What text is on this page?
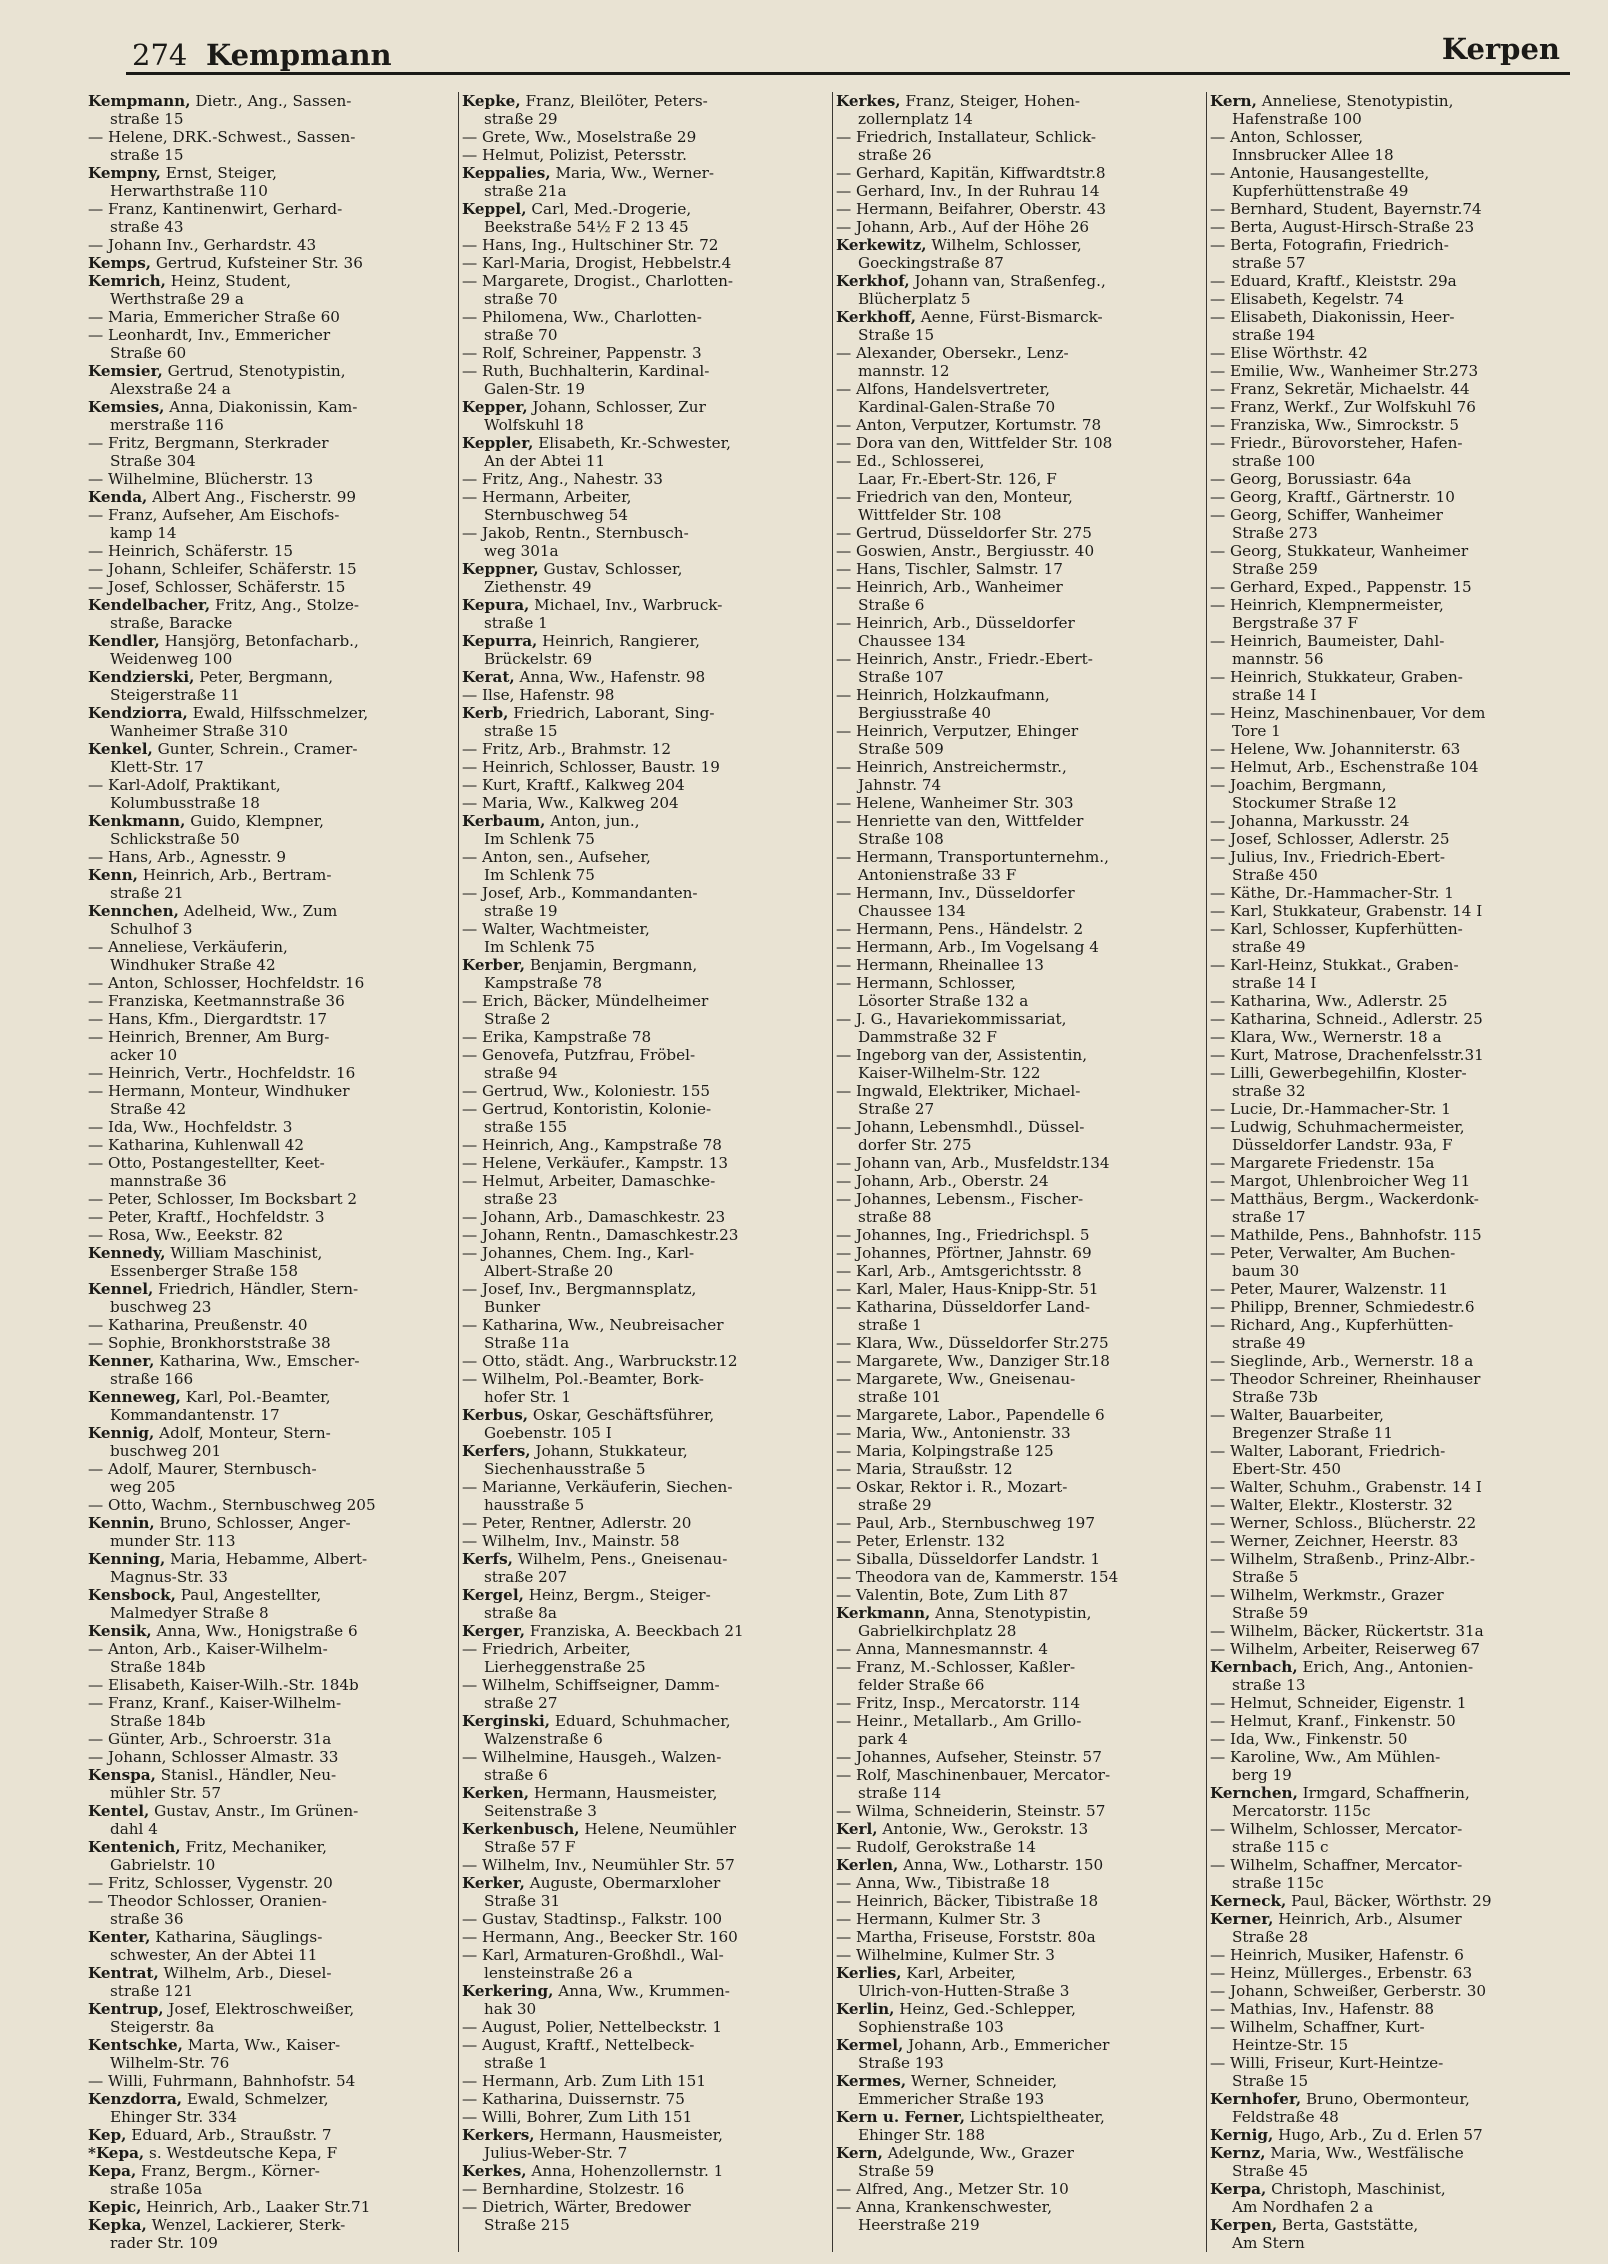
274 Kempmann	Kerpen

Kempmann, Dietr., Ang., Sassen-
straße 15

— Helene, DRK.-Schwest., Sassen-
straße 15

Kempny, Ernst, Steiger,
Herwarthstraße 110

— Franz, Kantinenwirt, Gerhard-
straße 43

— Johann Inv., Gerhardstr. 43

Kemps, Gertrud, Kufsteiner Str. 36

Kemrich, Heinz, Student,
Werthstraße 29 a

— Maria, Emmericher Straße 60

— Leonhardt, Inv., Emmericher
Straße 60

Kemsier, Gertrud, Stenotypistin,
Alexstraße 24 a

Kemsies, Anna, Diakonissin, Kam-
merstraße 116

— Fritz, Bergmann, Sterkrader
Straße 304

— Wilhelmine, Blücherstr. 13

Kenda, Albert Ang., Fischerstr. 99

— Franz, Aufseher, Am Eischofs-
kamp 14

— Heinrich, Schäferstr. 15

— Johann, Schleifer, Schäferstr. 15

— Josef, Schlosser, Schäferstr. 15

Kendelbacher, Fritz, Ang., Stolze-
straße, Baracke

Kendler, Hansjörg, Betonfacharb.,
Weidenweg 100

Kendzierski, Peter, Bergmann,
Steigerstraße 11

Kendziorra, Ewald, Hilfsschmelzer,
Wanheimer Straße 310

Kenkel, Gunter, Schrein., Cramer-
Klett-Str. 17

— Karl-Adolf, Praktikant,
Kolumbusstraße 18

Kenkmann, Guido, Klempner,
Schlickstraße 50

— Hans, Arb., Agnesstr. 9

Kenn, Heinrich, Arb., Bertram-
straße 21

Kennchen, Adelheid, Ww., Zum
Schulhof 3

— Anneliese, Verkäuferin,
Windhuker Straße 42

— Anton, Schlosser, Hochfeldstr. 16

— Franziska, Keetmannstraße 36

— Hans, Kfm., Diergardtstr. 17

— Heinrich, Brenner, Am Burg-
acker 10

— Heinrich, Vertr., Hochfeldstr. 16

— Hermann, Monteur, Windhuker
Straße 42

— Ida, Ww., Hochfeldstr. 3

— Katharina, Kuhlenwall 42

— Otto, Postangestellter, Keet-
mannstraße 36

— Peter, Schlosser, Im Bocksbart 2

— Peter, Kraftf., Hochfeldstr. 3

— Rosa, Ww., Eeekstr. 82

Kennedy, William Maschinist,
Essenberger Straße 158

Kennel, Friedrich, Händler, Stern-
buschweg 23

— Katharina, Preußenstr. 40

— Sophie, Bronkhorststraße 38

Kenner, Katharina, Ww., Emscher-
straße 166

Kenneweg, Karl, Pol.-Beamter,
Kommandantenstr. 17

Kennig, Adolf, Monteur, Stern-
buschweg 201

— Adolf, Maurer, Sternbusch-
weg 205

— Otto, Wachm., Sternbuschweg 205

Kennin, Bruno, Schlosser, Anger-
munder Str. 113

Kenning, Maria, Hebamme, Albert-
Magnus-Str. 33

Kensbock, Paul, Angestellter,
Malmedyer Straße 8

Kensik, Anna, Ww., Honigstraße 6

— Anton, Arb., Kaiser-Wilhelm-
Straße 184b

— Elisabeth, Kaiser-Wilh.-Str. 184b

— Franz, Kranf., Kaiser-Wilhelm-
Straße 184b

— Günter, Arb., Schroerstr. 31a

— Johann, Schlosser Almastr. 33

Kenspa, Stanisl., Händler, Neu-
mühler Str. 57

Kentel, Gustav, Anstr., Im Grünen-
dahl 4

Kentenich, Fritz, Mechaniker,
Gabrielstr. 10

— Fritz, Schlosser, Vygenstr. 20

— Theodor Schlosser, Oranien-
straße 36

Kenter, Katharina, Säuglings-
schwester, An der Abtei 11

Kentrat, Wilhelm, Arb., Diesel-
straße 121

Kentrup, Josef, Elektroschweißer,
Steigerstr. 8a

Kentschke, Marta, Ww., Kaiser-
Wilhelm-Str. 76

— Willi, Fuhrmann, Bahnhofstr. 54

Kenzdorra, Ewald, Schmelzer,
Ehinger Str. 334

Kep, Eduard, Arb., Straußstr. 7

*Kepa, s. Westdeutsche Kepa, F

Kepa, Franz, Bergm., Körner-
straße 105a

Kepic, Heinrich, Arb., Laaker Str.71

Kepka, Wenzel, Lackierer, Sterk-
rader Str. 109

Kepke, Franz, Bleilöter, Peters-
straße 29

— Grete, Ww., Moselstraße 29

— Helmut, Polizist, Petersstr.

Keppalies, Maria, Ww., Werner-
straße 21a

Keppel, Carl, Med.-Drogerie,
Beekstraße 54½ F 2 13 45

— Hans, Ing., Hultschiner Str. 72

— Karl-Maria, Drogist, Hebbelstr.4

— Margarete, Drogist., Charlotten-
straße 70

— Philomena, Ww., Charlotten-
straße 70

— Rolf, Schreiner, Pappenstr. 3

— Ruth, Buchhalterin, Kardinal-
Galen-Str. 19

Kepper, Johann, Schlosser, Zur
Wolfskuhl 18

Keppler, Elisabeth, Kr.-Schwester,
An der Abtei 11

— Fritz, Ang., Nahestr. 33

— Hermann, Arbeiter,
Sternbuschweg 54

— Jakob, Rentn., Sternbusch-
weg 301a

Keppner, Gustav, Schlosser,
Ziethenstr. 49

Kepura, Michael, Inv., Warbruck-
straße 1

Kepurra, Heinrich, Rangierer,
Brückelstr. 69

Kerat, Anna, Ww., Hafenstr. 98

— Ilse, Hafenstr. 98

Kerb, Friedrich, Laborant, Sing-
straße 15

— Fritz, Arb., Brahmstr. 12

— Heinrich, Schlosser, Baustr. 19

— Kurt, Kraftf., Kalkweg 204

— Maria, Ww., Kalkweg 204

Kerbaum, Anton, jun.,
Im Schlenk 75

— Anton, sen., Aufseher,
Im Schlenk 75

— Josef, Arb., Kommandanten-
straße 19

— Walter, Wachtmeister,
Im Schlenk 75

Kerber, Benjamin, Bergmann,
Kampstraße 78

— Erich, Bäcker, Mündelheimer
Straße 2

— Erika, Kampstraße 78

— Genovefa, Putzfrau, Fröbel-
straße 94

— Gertrud, Ww., Koloniestr. 155

— Gertrud, Kontoristin, Kolonie-
straße 155

— Heinrich, Ang., Kampstraße 78

— Helene, Verkäufer., Kampstr. 13

— Helmut, Arbeiter, Damaschke-
straße 23

— Johann, Arb., Damaschkestr. 23

— Johann, Rentn., Damaschkestr.23

— Johannes, Chem. Ing., Karl-
Albert-Straße 20

— Josef, Inv., Bergmannsplatz,
Bunker

— Katharina, Ww., Neubreisacher
Straße 11a

— Otto, städt. Ang., Warbruckstr.12

— Wilhelm, Pol.-Beamter, Bork-
hofer Str. 1

Kerbus, Oskar, Geschäftsführer,
Goebenstr. 105 I

Kerfers, Johann, Stukkateur,
Siechenhausstraße 5

— Marianne, Verkäuferin, Siechen-
hausstraße 5

— Peter, Rentner, Adlerstr. 20

— Wilhelm, Inv., Mainstr. 58

Kerfs, Wilhelm, Pens., Gneisenau-
straße 207

Kergel, Heinz, Bergm., Steiger-
straße 8a

Kerger, Franziska, A. Beeckbach 21

— Friedrich, Arbeiter,
Lierheggenstraße 25

— Wilhelm, Schiffseigner, Damm-
straße 27

Kerginski, Eduard, Schuhmacher,
Walzenstraße 6

— Wilhelmine, Hausgeh., Walzen-
straße 6

Kerken, Hermann, Hausmeister,
Seitenstraße 3

Kerkenbusch, Helene, Neumühler
Straße 57 F

— Wilhelm, Inv., Neumühler Str. 57

Kerker, Auguste, Obermarxloher
Straße 31

— Gustav, Stadtinsp., Falkstr. 100

— Hermann, Ang., Beecker Str. 160

— Karl, Armaturen-Großhdl., Wal-
lensteinstraße 26 a

Kerkering, Anna, Ww., Krummen-
hak 30

— August, Polier, Nettelbeckstr. 1

— August, Kraftf., Nettelbeck-
straße 1

— Hermann, Arb. Zum Lith 151

— Katharina, Duissernstr. 75

— Willi, Bohrer, Zum Lith 151

Kerkers, Hermann, Hausmeister,
Julius-Weber-Str. 7

Kerkes, Anna, Hohenzollernstr. 1

— Bernhardine, Stolzestr. 16

— Dietrich, Wärter, Bredower
Straße 215

Kerkes, Franz, Steiger, Hohen-
zollernplatz 14

— Friedrich, Installateur, Schlick-
straße 26

— Gerhard, Kapitän, Kiffwardtstr.8

— Gerhard, Inv., In der Ruhrau 14

— Hermann, Beifahrer, Oberstr. 43

— Johann, Arb., Auf der Höhe 26

Kerkewitz, Wilhelm, Schlosser,
Goeckingstraße 87

Kerkhof, Johann van, Straßenfeg.,
Blücherplatz 5

Kerkhoff, Aenne, Fürst-Bismarck-
Straße 15

— Alexander, Obersekr., Lenz-
mannstr. 12

— Alfons, Handelsvertreter,
Kardinal-Galen-Straße 70

— Anton, Verputzer, Kortumstr. 78

— Dora van den, Wittfelder Str. 108

— Ed., Schlosserei,
Laar, Fr.-Ebert-Str. 126, F

— Friedrich van den, Monteur,
Wittfelder Str. 108

— Gertrud, Düsseldorfer Str. 275

— Goswien, Anstr., Bergiusstr. 40

— Hans, Tischler, Salmstr. 17

— Heinrich, Arb., Wanheimer
Straße 6

— Heinrich, Arb., Düsseldorfer
Chaussee 134

— Heinrich, Anstr., Friedr.-Ebert-
Straße 107

— Heinrich, Holzkaufmann,
Bergiusstraße 40

— Heinrich, Verputzer, Ehinger
Straße 509

— Heinrich, Anstreichermstr.,
Jahnstr. 74

— Helene, Wanheimer Str. 303

— Henriette van den, Wittfelder
Straße 108

— Hermann, Transportunternehm.,
Antonienstraße 33 F

— Hermann, Inv., Düsseldorfer
Chaussee 134

— Hermann, Pens., Händelstr. 2

— Hermann, Arb., Im Vogelsang 4

— Hermann, Rheinallee 13

— Hermann, Schlosser,
Lösorter Straße 132 a

— J. G., Havariekommissariat,
Dammstraße 32 F

— Ingeborg van der, Assistentin,
Kaiser-Wilhelm-Str. 122

— Ingwald, Elektriker, Michael-
Straße 27

— Johann, Lebensmhdl., Düssel-
dorfer Str. 275

— Johann van, Arb., Musfeldstr.134

— Johann, Arb., Oberstr. 24

— Johannes, Lebensm., Fischer-
straße 88

— Johannes, Ing., Friedrichspl. 5

— Johannes, Pförtner, Jahnstr. 69

— Karl, Arb., Amtsgerichtsstr. 8

— Karl, Maler, Haus-Knipp-Str. 51

— Katharina, Düsseldorfer Land-
straße 1

— Klara, Ww., Düsseldorfer Str.275

— Margarete, Ww., Danziger Str.18

— Margarete, Ww., Gneisenau-
straße 101

— Margarete, Labor., Papendelle 6

— Maria, Ww., Antonienstr. 33

— Maria, Kolpingstraße 125

— Maria, Straußstr. 12

— Oskar, Rektor i. R., Mozart-
straße 29

— Paul, Arb., Sternbuschweg 197

— Peter, Erlenstr. 132

— Siballa, Düsseldorfer Landstr. 1

— Theodora van de, Kammerstr. 154

— Valentin, Bote, Zum Lith 87

Kerkmann, Anna, Stenotypistin,
Gabrielkirchplatz 28

— Anna, Mannesmannstr. 4

— Franz, M.-Schlosser, Kaßler-
felder Straße 66

— Fritz, Insp., Mercatorstr. 114

— Heinr., Metallarb., Am Grillo-
park 4

— Johannes, Aufseher, Steinstr. 57

— Rolf, Maschinenbauer, Mercator-
straße 114

— Wilma, Schneiderin, Steinstr. 57

Kerl, Antonie, Ww., Gerokstr. 13

— Rudolf, Gerokstraße 14

Kerlen, Anna, Ww., Lotharstr. 150

— Anna, Ww., Tibistraße 18

— Heinrich, Bäcker, Tibistraße 18

— Hermann, Kulmer Str. 3

— Martha, Friseuse, Forststr. 80a

— Wilhelmine, Kulmer Str. 3

Kerlies, Karl, Arbeiter,
Ulrich-von-Hutten-Straße 3

Kerlin, Heinz, Ged.-Schlepper,
Sophienstraße 103

Kermel, Johann, Arb., Emmericher
Straße 193

Kermes, Werner, Schneider,
Emmericher Straße 193

Kern u. Ferner, Lichtspieltheater,
Ehinger Str. 188

Kern, Adelgunde, Ww., Grazer
Straße 59

— Alfred, Ang., Metzer Str. 10

— Anna, Krankenschwester,
Heerstraße 219

Kern, Anneliese, Stenotypistin,
Hafenstraße 100

— Anton, Schlosser,
Innsbrucker Allee 18

— Antonie, Hausangestellte,
Kupferhüttenstraße 49

— Bernhard, Student, Bayernstr.74

— Berta, August-Hirsch-Straße 23

— Berta, Fotografin, Friedrich-
straße 57

— Eduard, Kraftf., Kleiststr. 29a

— Elisabeth, Kegelstr. 74

— Elisabeth, Diakonissin, Heer-
straße 194

— Elise Wörthstr. 42

— Emilie, Ww., Wanheimer Str.273

— Franz, Sekretär, Michaelstr. 44

— Franz, Werkf., Zur Wolfskuhl 76

— Franziska, Ww., Simrockstr. 5

— Friedr., Bürovorsteher, Hafen-
straße 100

— Georg, Borussiastr. 64a

— Georg, Kraftf., Gärtnerstr. 10

— Georg, Schiffer, Wanheimer
Straße 273

— Georg, Stukkateur, Wanheimer
Straße 259

— Gerhard, Exped., Pappenstr. 15

— Heinrich, Klempnermeister,
Bergstraße 37 F

— Heinrich, Baumeister, Dahl-
mannstr. 56

— Heinrich, Stukkateur, Graben-
straße 14 I

— Heinz, Maschinenbauer, Vor dem
Tore 1

— Helene, Ww. Johanniterstr. 63

— Helmut, Arb., Eschenstraße 104

— Joachim, Bergmann,
Stockumer Straße 12

— Johanna, Markusstr. 24

— Josef, Schlosser, Adlerstr. 25

— Julius, Inv., Friedrich-Ebert-
Straße 450

— Käthe, Dr.-Hammacher-Str. 1

— Karl, Stukkateur, Grabenstr. 14 I

— Karl, Schlosser, Kupferhütten-
straße 49

— Karl-Heinz, Stukkat., Graben-
straße 14 I

— Katharina, Ww., Adlerstr. 25

— Katharina, Schneid., Adlerstr. 25

— Klara, Ww., Wernerstr. 18 a

— Kurt, Matrose, Drachenfelsstr.31

— Lilli, Gewerbegehilfin, Kloster-
straße 32

— Lucie, Dr.-Hammacher-Str. 1

— Ludwig, Schuhmachermeister,
Düsseldorfer Landstr. 93a, F

— Margarete Friedenstr. 15a

— Margot, Uhlenbroicher Weg 11

— Matthäus, Bergm., Wackerdonk-
straße 17

— Mathilde, Pens., Bahnhofstr. 115

— Peter, Verwalter, Am Buchen-
baum 30

— Peter, Maurer, Walzenstr. 11

— Philipp, Brenner, Schmiedestr.6

— Richard, Ang., Kupferhütten-
straße 49

— Sieglinde, Arb., Wernerstr. 18 a

— Theodor Schreiner, Rheinhauser
Straße 73b

— Walter, Bauarbeiter,
Bregenzer Straße 11

— Walter, Laborant, Friedrich-
Ebert-Str. 450

— Walter, Schuhm., Grabenstr. 14 I

— Walter, Elektr., Klosterstr. 32

— Werner, Schloss., Blücherstr. 22

— Werner, Zeichner, Heerstr. 83

— Wilhelm, Straßenb., Prinz-Albr.-
Straße 5

— Wilhelm, Werkmstr., Grazer
Straße 59

— Wilhelm, Bäcker, Rückertstr. 31a

— Wilhelm, Arbeiter, Reiserweg 67

Kernbach, Erich, Ang., Antonien-
straße 13

— Helmut, Schneider, Eigenstr. 1

— Helmut, Kranf., Finkenstr. 50

— Ida, Ww., Finkenstr. 50

— Karoline, Ww., Am Mühlen-
berg 19

Kernchen, Irmgard, Schaffnerin,
Mercatorstr. 115c

— Wilhelm, Schlosser, Mercator-
straße 115 c

— Wilhelm, Schaffner, Mercator-
straße 115c

Kerneck, Paul, Bäcker, Wörthstr. 29

Kerner, Heinrich, Arb., Alsumer
Straße 28

— Heinrich, Musiker, Hafenstr. 6

— Heinz, Müllerges., Erbenstr. 63

— Johann, Schweißer, Gerberstr. 30

— Mathias, Inv., Hafenstr. 88

— Wilhelm, Schaffner, Kurt-
Heintze-Str. 15

— Willi, Friseur, Kurt-Heintze-
Straße 15

Kernhofer, Bruno, Obermonteur,
Feldstraße 48

Kernig, Hugo, Arb., Zu d. Erlen 57

Kernz, Maria, Ww., Westfälische
Straße 45

Kerpa, Christoph, Maschinist,
Am Nordhafen 2 a

Kerpen, Berta, Gaststätte,
Am Stern
